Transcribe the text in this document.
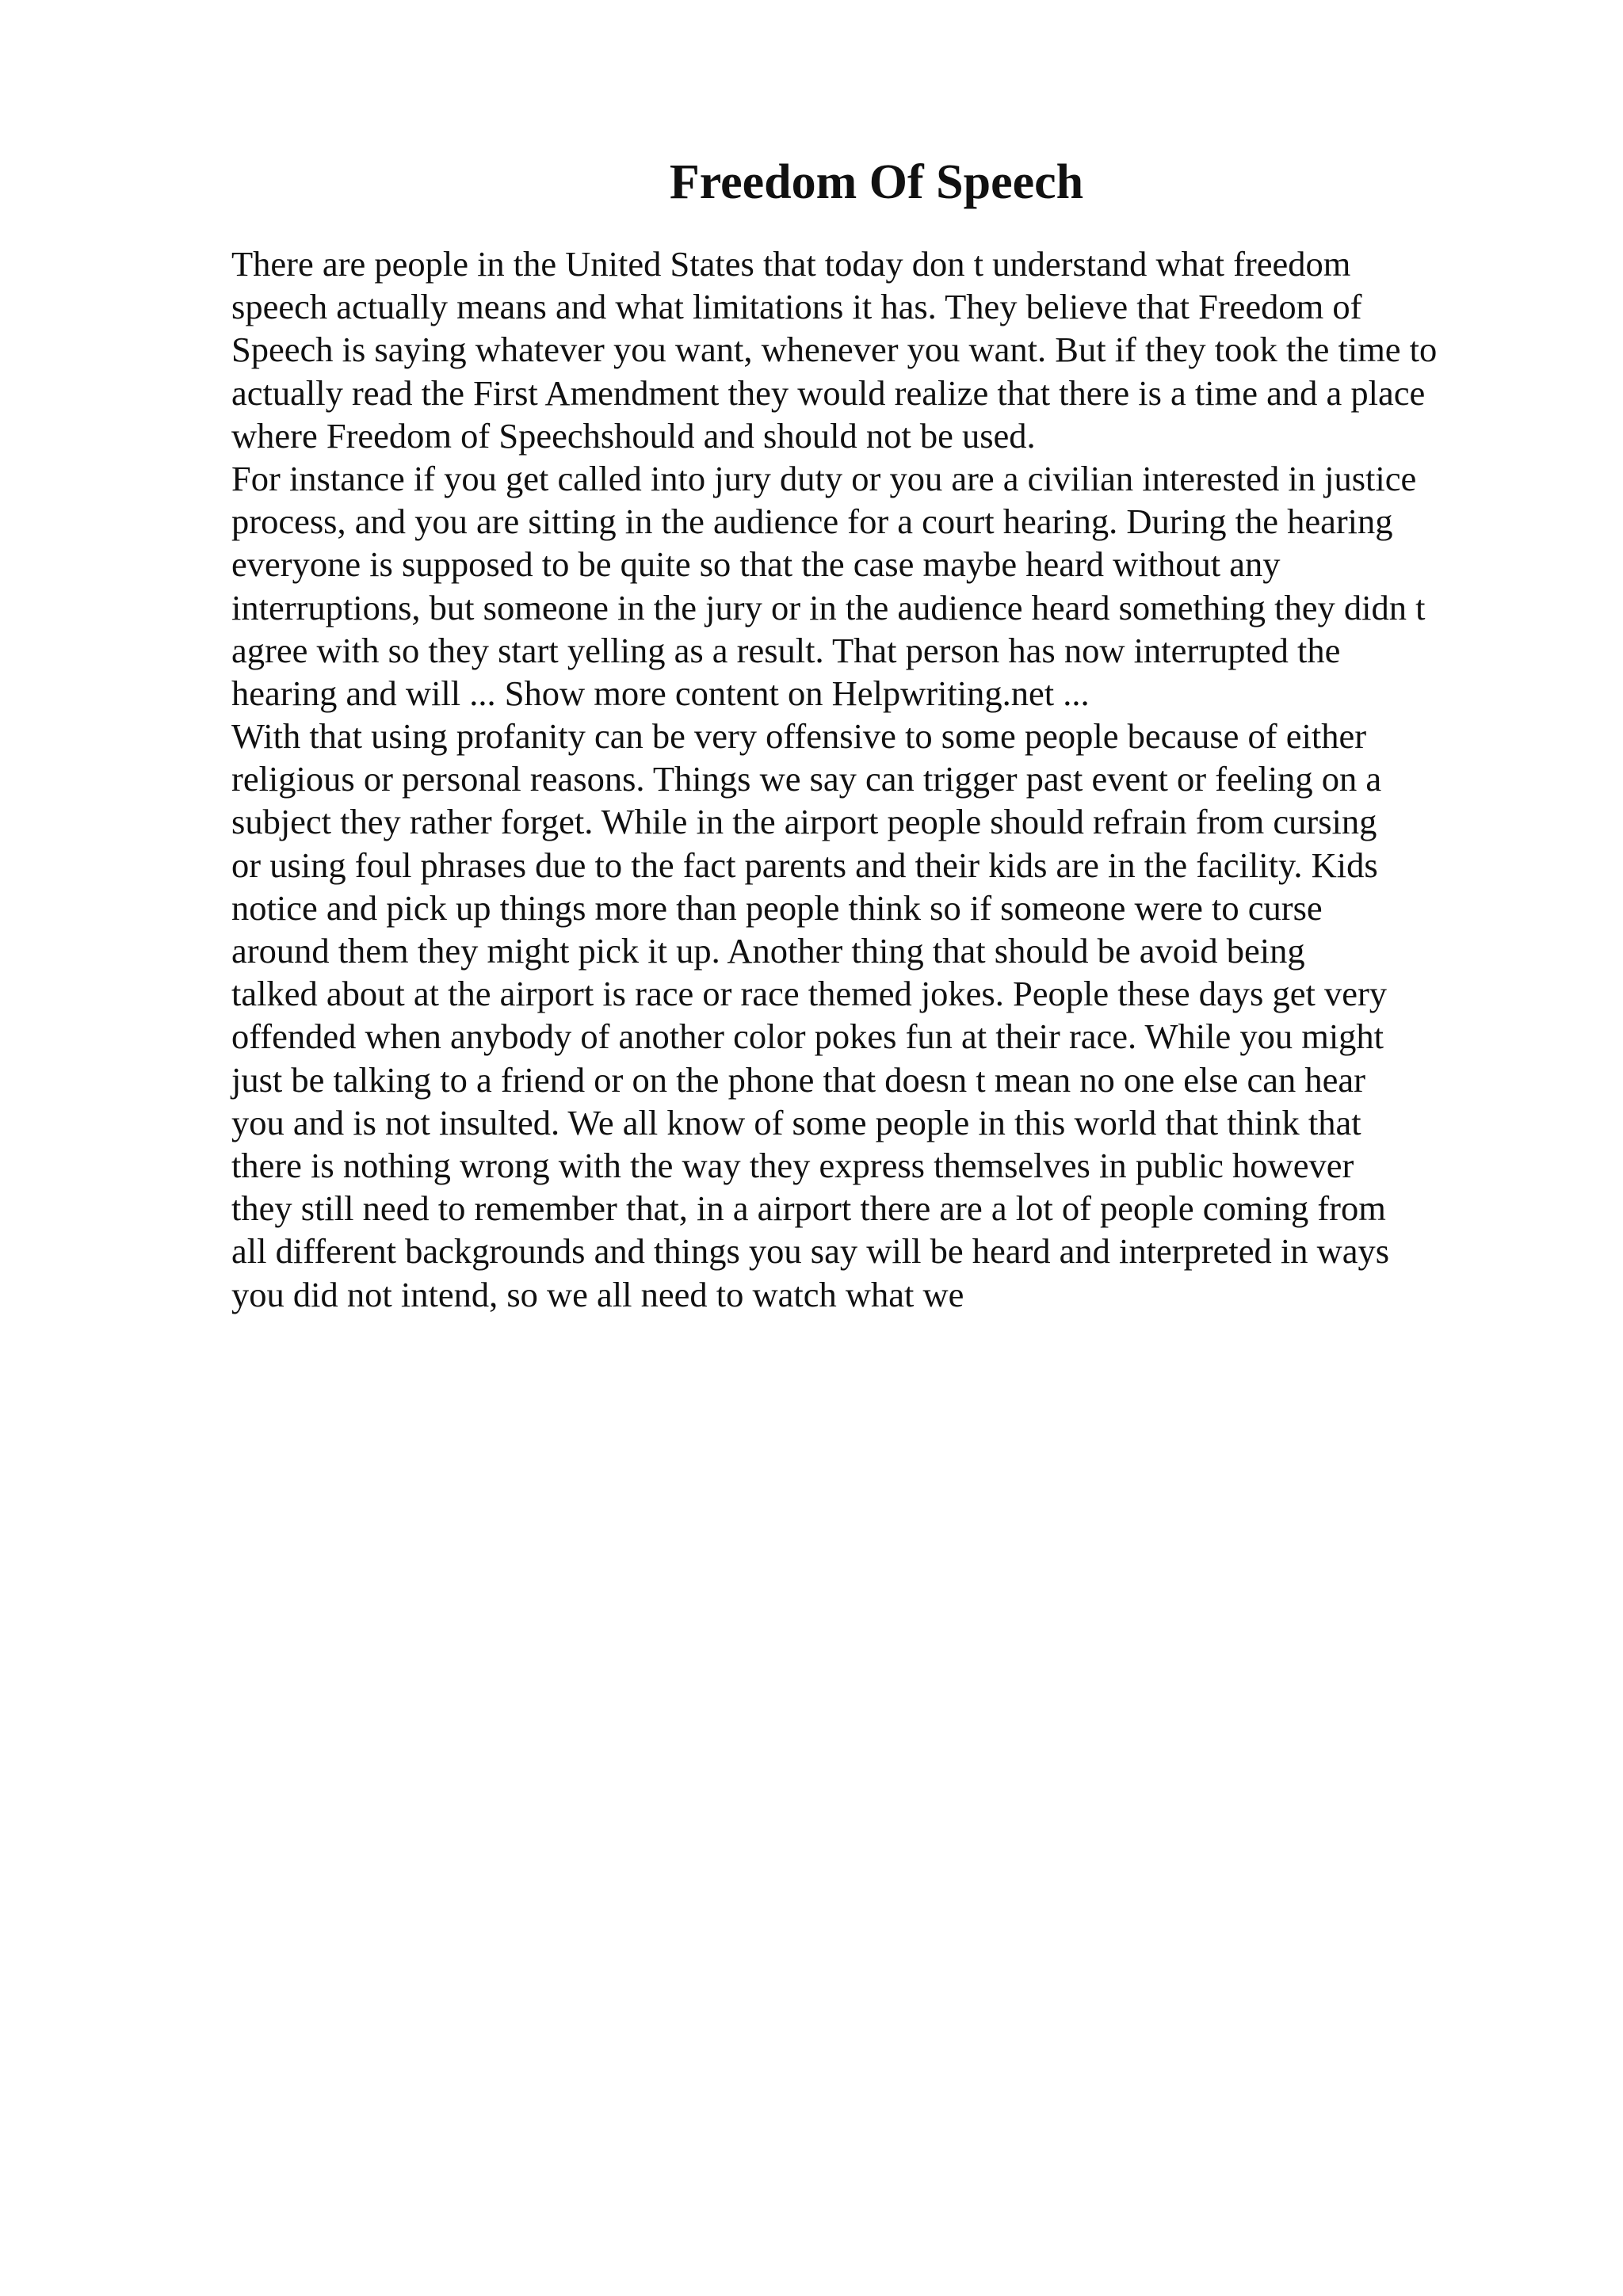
Freedom Of Speech
There are people in the United States that today don t understand what freedom
speech actually means and what limitations it has. They believe that Freedom of
Speech is saying whatever you want, whenever you want. But if they took the time to
actually read the First Amendment they would realize that there is a time and a place
where Freedom of Speechshould and should not be used.
For instance if you get called into jury duty or you are a civilian interested in justice
process, and you are sitting in the audience for a court hearing. During the hearing
everyone is supposed to be quite so that the case maybe heard without any
interruptions, but someone in the jury or in the audience heard something they didn t
agree with so they start yelling as a result. That person has now interrupted the
hearing and will ... Show more content on Helpwriting.net ...
With that using profanity can be very offensive to some people because of either
religious or personal reasons. Things we say can trigger past event or feeling on a
subject they rather forget. While in the airport people should refrain from cursing
or using foul phrases due to the fact parents and their kids are in the facility. Kids
notice and pick up things more than people think so if someone were to curse
around them they might pick it up. Another thing that should be avoid being
talked about at the airport is race or race themed jokes. People these days get very
offended when anybody of another color pokes fun at their race. While you might
just be talking to a friend or on the phone that doesn t mean no one else can hear
you and is not insulted. We all know of some people in this world that think that
there is nothing wrong with the way they express themselves in public however
they still need to remember that, in a airport there are a lot of people coming from
all different backgrounds and things you say will be heard and interpreted in ways
you did not intend, so we all need to watch what we
